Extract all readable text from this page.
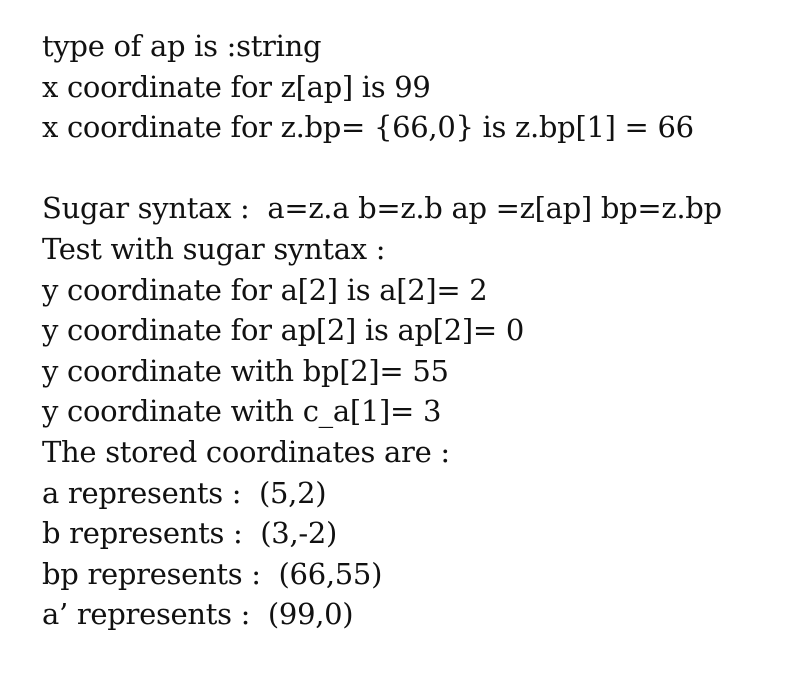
type of ap is :string
x coordinate for z[ap] is 99
x coordinate for z.bp= {66,0} is z.bp[1] = 66
Sugar syntax :  a=z.a b=z.b ap =z[ap] bp=z.bp
Test with sugar syntax :
y coordinate for a[2] is a[2]= 2
y coordinate for ap[2] is ap[2]= 0
y coordinate with bp[2]= 55
y coordinate with c_a[1]= 3
The stored coordinates are :
a represents :  (5,2)
b represents :  (3,-2)
bp represents :  (66,55)
a’ represents :  (99,0)
